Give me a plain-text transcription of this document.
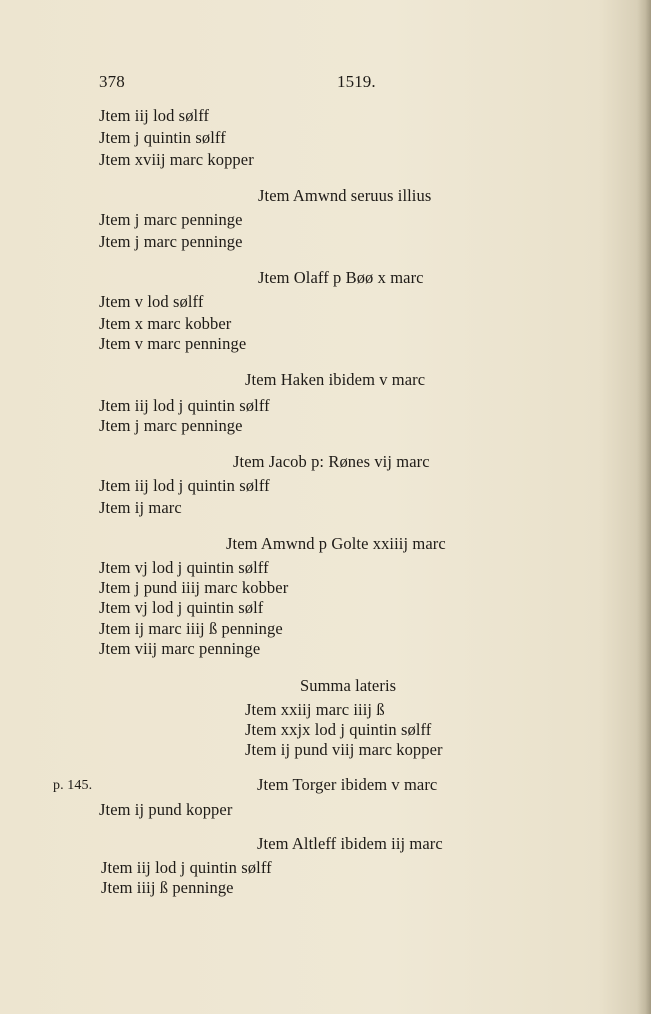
378	1519.
Jtem iij lod sølff
Jtem j quintin sølff
Jtem xviij marc kopper
Jtem Amwnd seruus illius
Jtem j marc penninge
Jtem j marc penninge
Jtem Olaff p Bøø x marc
Jtem v lod sølff
Jtem x marc kobber
Jtem v marc penninge
Jtem Haken ibidem v marc
Jtem iij lod j quintin sølff
Jtem j marc penninge
Jtem Jacob p: Rønes vij marc
Jtem iij lod j quintin sølff
Jtem ij marc
Jtem Amwnd p Golte xxiiij marc
Jtem vj lod j quintin sølff
Jtem j pund iiij marc kobber
Jtem vj lod j quintin sølf
Jtem ij marc iiij ß penninge
Jtem viij marc penninge
Summa lateris
Jtem xxiij marc iiij ß
Jtem xxjx lod j quintin sølff
Jtem ij pund viij marc kopper
p. 145.	Jtem Torger ibidem v marc
Jtem ij pund kopper
Jtem Altleff ibidem iij marc
Jtem iij lod j quintin sølff
Jtem iiij ß penninge
